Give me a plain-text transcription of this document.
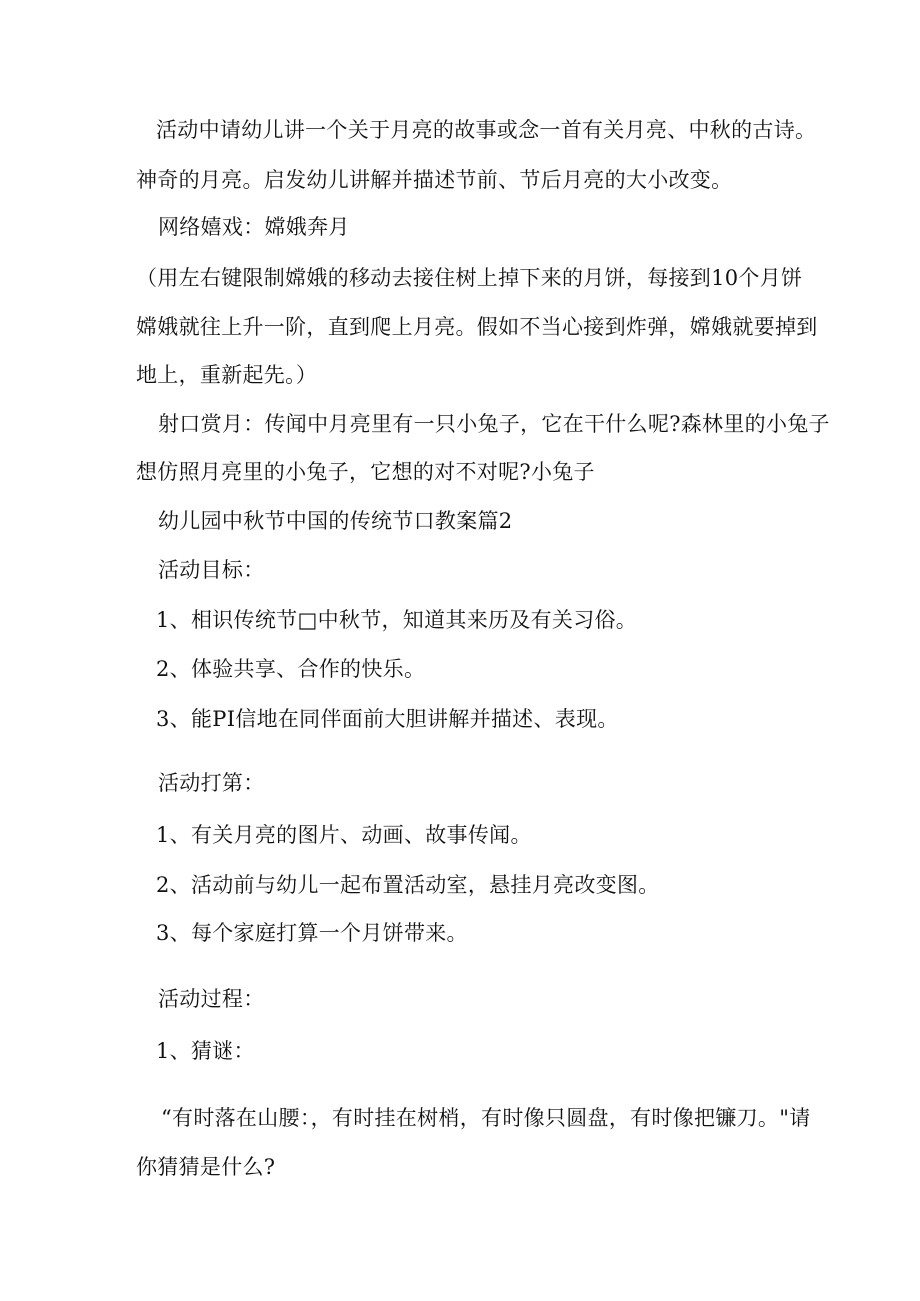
活动中请幼儿讲一个关于月亮的故事或念一首有关月亮、中秋的古诗。
神奇的月亮。启发幼儿讲解并描述节前、节后月亮的大小改变。
网络嬉戏：嫦娥奔月
（用左右键限制嫦娥的移动去接住树上掉下来的月饼，每接到10个月饼
嫦娥就往上升一阶，直到爬上月亮。假如不当心接到炸弹，嫦娥就要掉到
地上，重新起先。）
射口赏月：传闻中月亮里有一只小兔子，它在干什么呢?森林里的小兔子
想仿照月亮里的小兔子，它想的对不对呢?小兔子
幼儿园中秋节中国的传统节口教案篇2
活动目标：
1、相识传统节□中秋节，知道其来历及有关习俗。
2、体验共享、合作的快乐。
3、能PI信地在同伴面前大胆讲解并描述、表现。
活动打第：
1、有关月亮的图片、动画、故事传闻。
2、活动前与幼儿一起布置活动室，悬挂月亮改变图。
3、每个家庭打算一个月饼带来。
活动过程：
1、猜谜：
“有时落在山腰：，有时挂在树梢，有时像只圆盘，有时像把镰刀。"请
你猜猜是什么?
